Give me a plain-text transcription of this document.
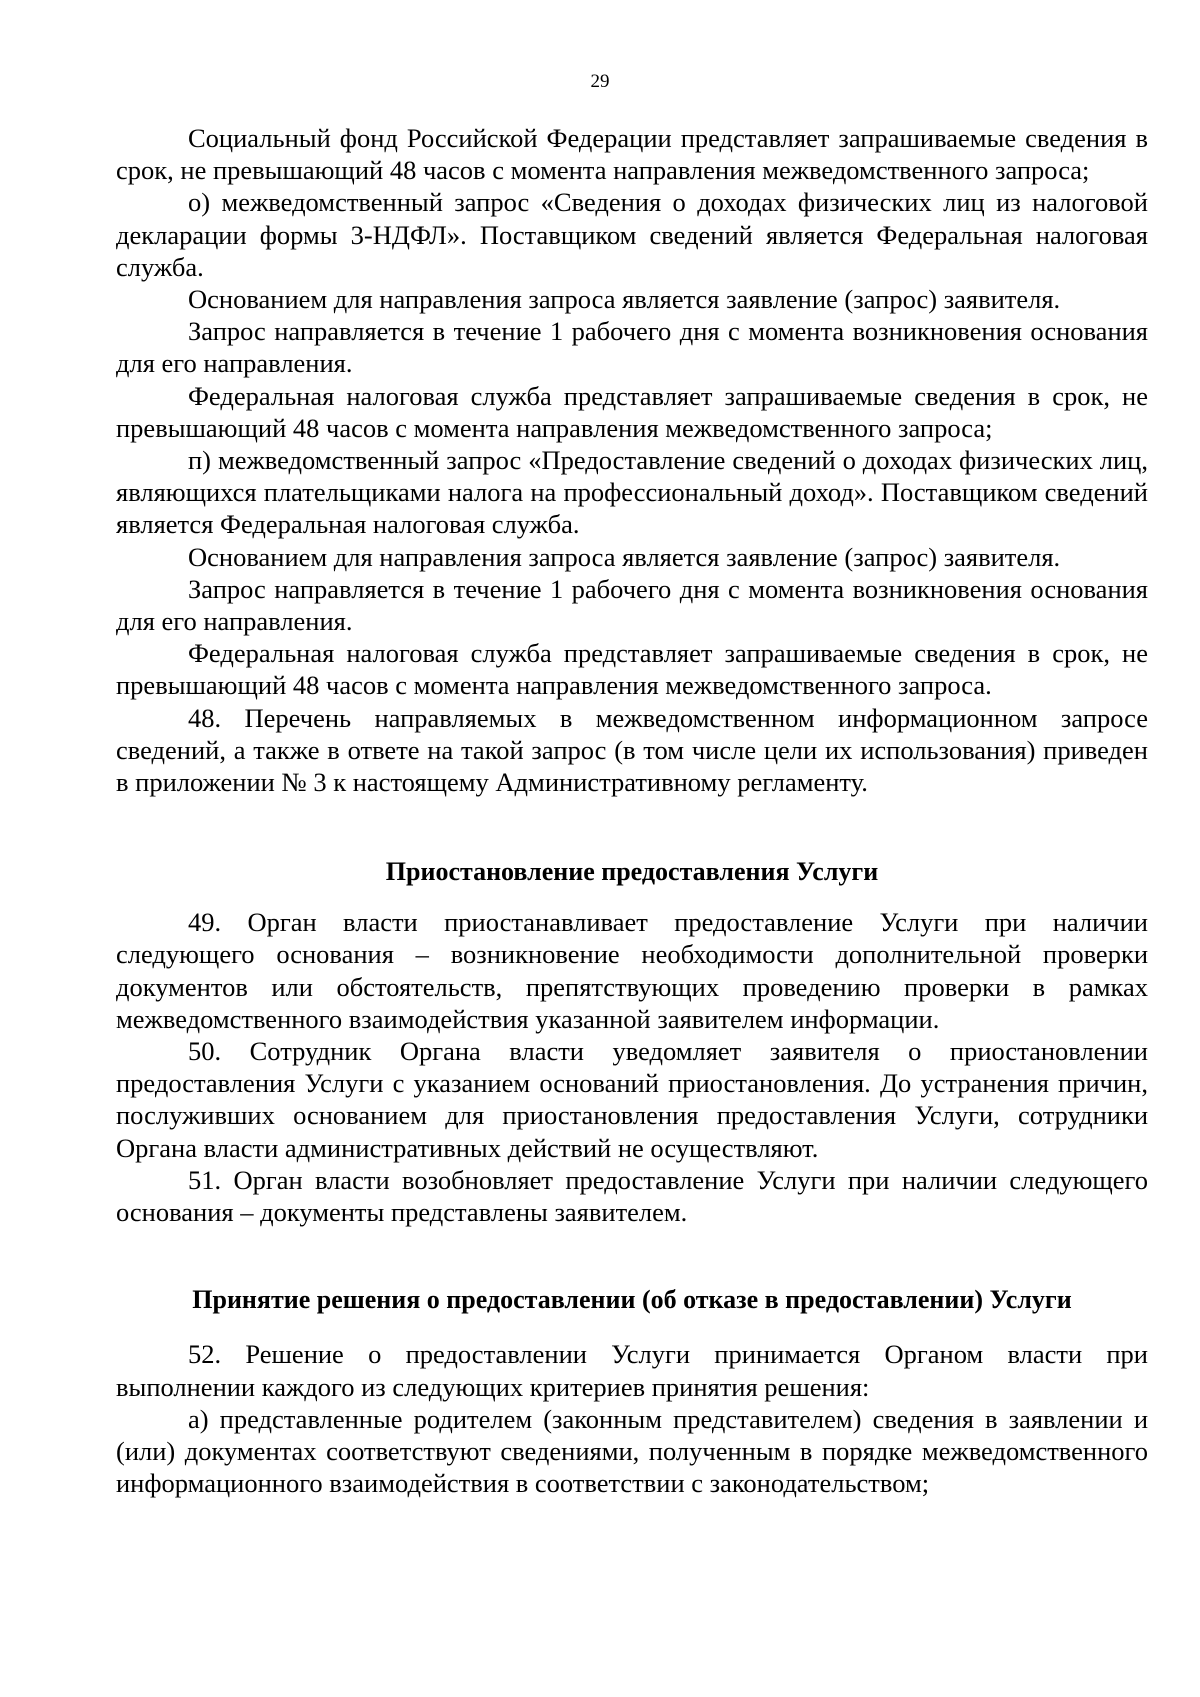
29

Социальный фонд Российской Федерации представляет запрашиваемые сведения в срок, не превышающий 48 часов с момента направления межведомственного запроса;

о) межведомственный запрос «Сведения о доходах физических лиц из налоговой декларации формы 3-НДФЛ». Поставщиком сведений является Федеральная налоговая служба.

Основанием для направления запроса является заявление (запрос) заявителя.

Запрос направляется в течение 1 рабочего дня с момента возникновения основания для его направления.

Федеральная налоговая служба представляет запрашиваемые сведения в срок, не превышающий 48 часов с момента направления межведомственного запроса;

п) межведомственный запрос «Предоставление сведений о доходах физических лиц, являющихся плательщиками налога на профессиональный доход». Поставщиком сведений является Федеральная налоговая служба.

Основанием для направления запроса является заявление (запрос) заявителя.

Запрос направляется в течение 1 рабочего дня с момента возникновения основания для его направления.

Федеральная налоговая служба представляет запрашиваемые сведения в срок, не превышающий 48 часов с момента направления межведомственного запроса.

48. Перечень направляемых в межведомственном информационном запросе сведений, а также в ответе на такой запрос (в том числе цели их использования) приведен в приложении № 3 к настоящему Административному регламенту.

Приостановление предоставления Услуги

49. Орган власти приостанавливает предоставление Услуги при наличии следующего основания – возникновение необходимости дополнительной проверки документов или обстоятельств, препятствующих проведению проверки в рамках межведомственного взаимодействия указанной заявителем информации.

50. Сотрудник Органа власти уведомляет заявителя о приостановлении предоставления Услуги с указанием оснований приостановления. До устранения причин, послуживших основанием для приостановления предоставления Услуги, сотрудники Органа власти административных действий не осуществляют.

51. Орган власти возобновляет предоставление Услуги при наличии следующего основания – документы представлены заявителем.

Принятие решения о предоставлении (об отказе в предоставлении) Услуги

52. Решение о предоставлении Услуги принимается Органом власти при выполнении каждого из следующих критериев принятия решения:

а) представленные родителем (законным представителем) сведения в заявлении и (или) документах соответствуют сведениями, полученным в порядке межведомственного информационного взаимодействия в соответствии с законодательством;
